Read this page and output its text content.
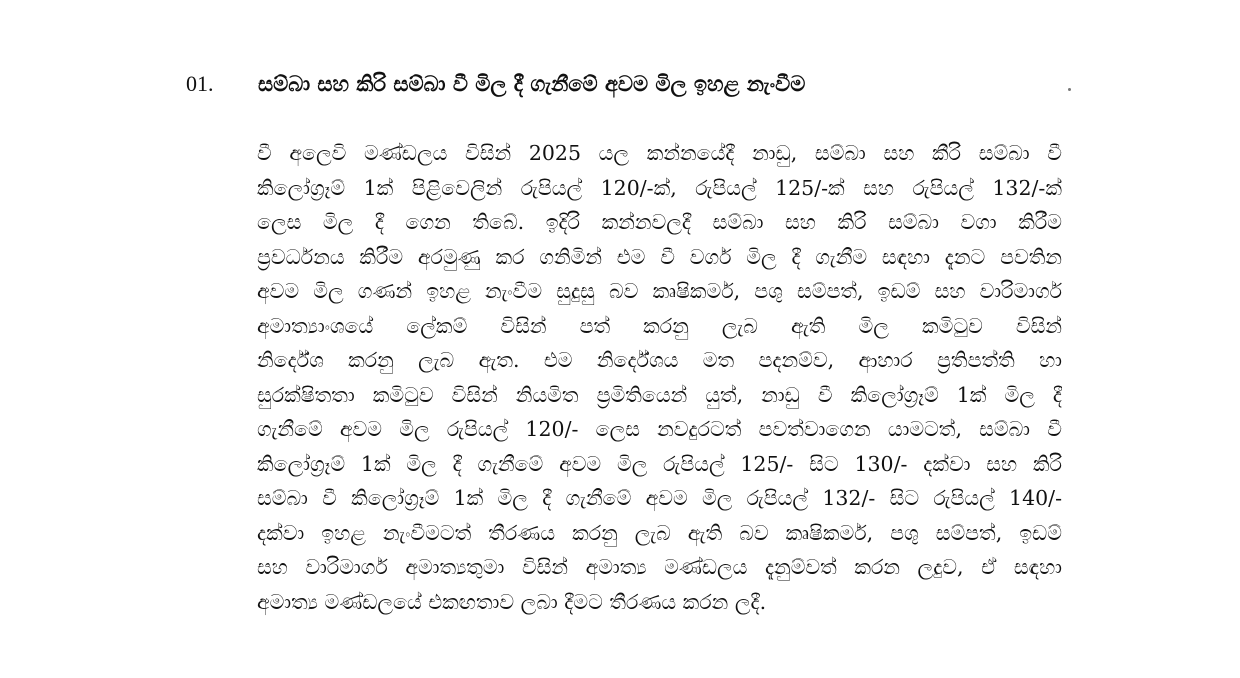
01.	සම්බා සහ කිරි සම්බා වී මිල දී ගැනීමේ අවම මිල ඉහළ නැංවීම

වී අලෙවි මණ්ඩලය විසින් 2025 යල කන්නයේදී නාඩු, සම්බා සහ කීරි සම්බා වී
කිලෝග්‍රෑම් 1ක් පිළිවෙලින් රුපියල් 120/-ක්, රුපියල් 125/-ක් සහ රුපියල් 132/-ක්
ලෙස මිල දී ගෙන තිබේ. ඉදිරි කන්නවලදී සම්බා සහ කිරි සම්බා වගා කිරීම
ප්‍රවර්ධනය කිරීම අරමුණු කර ගනිමින් එම වී වර්ග මිල දී ගැනීම සඳහා දැනට පවතින
අවම මිල ගණන් ඉහළ නැංවීම සුදුසු බව කෘෂිකර්ම, පශු සම්පත්, ඉඩම් සහ වාරිමාර්ග
අමාත්‍යාංශයේ ලේකම් විසින් පත් කරනු ලැබ ඇති මිල කමිටුව විසින්
නිර්දේශ කරනු ලැබ ඇත. එම නිර්දේශය මත පදනම්ව, ආහාර ප්‍රතිපත්ති හා
සුරක්ෂිතතා කමිටුව විසින් නියමිත ප්‍රමිතියෙන් යුත්, නාඩු වී කිලෝග්‍රෑම් 1ක් මිල දී
ගැනීමේ අවම මිල රුපියල් 120/- ලෙස නවදුරටත් පවත්වාගෙන යාමටත්, සම්බා වී
කිලෝග්‍රෑම් 1ක් මිල දී ගැනීමේ අවම මිල රුපියල් 125/- සිට 130/- දක්වා සහ කිරි
සම්බා වී කිලෝග්‍රෑම් 1ක් මිල දී ගැනීමේ අවම මිල රුපියල් 132/- සිට රුපියල් 140/-
දක්වා ඉහළ නැංවීමටත් තීරණය කරනු ලැබ ඇති බව කෘෂිකර්ම, පශු සම්පත්, ඉඩම්
සහ වාරිමාර්ග අමාත්‍යතුමා විසින් අමාත්‍ය මණ්ඩලය දැනුම්වත් කරන ලදුව, ඒ සඳහා
අමාත්‍ය මණ්ඩලයේ එකඟතාව ලබා දීමට තීරණය කරන ලදී.
